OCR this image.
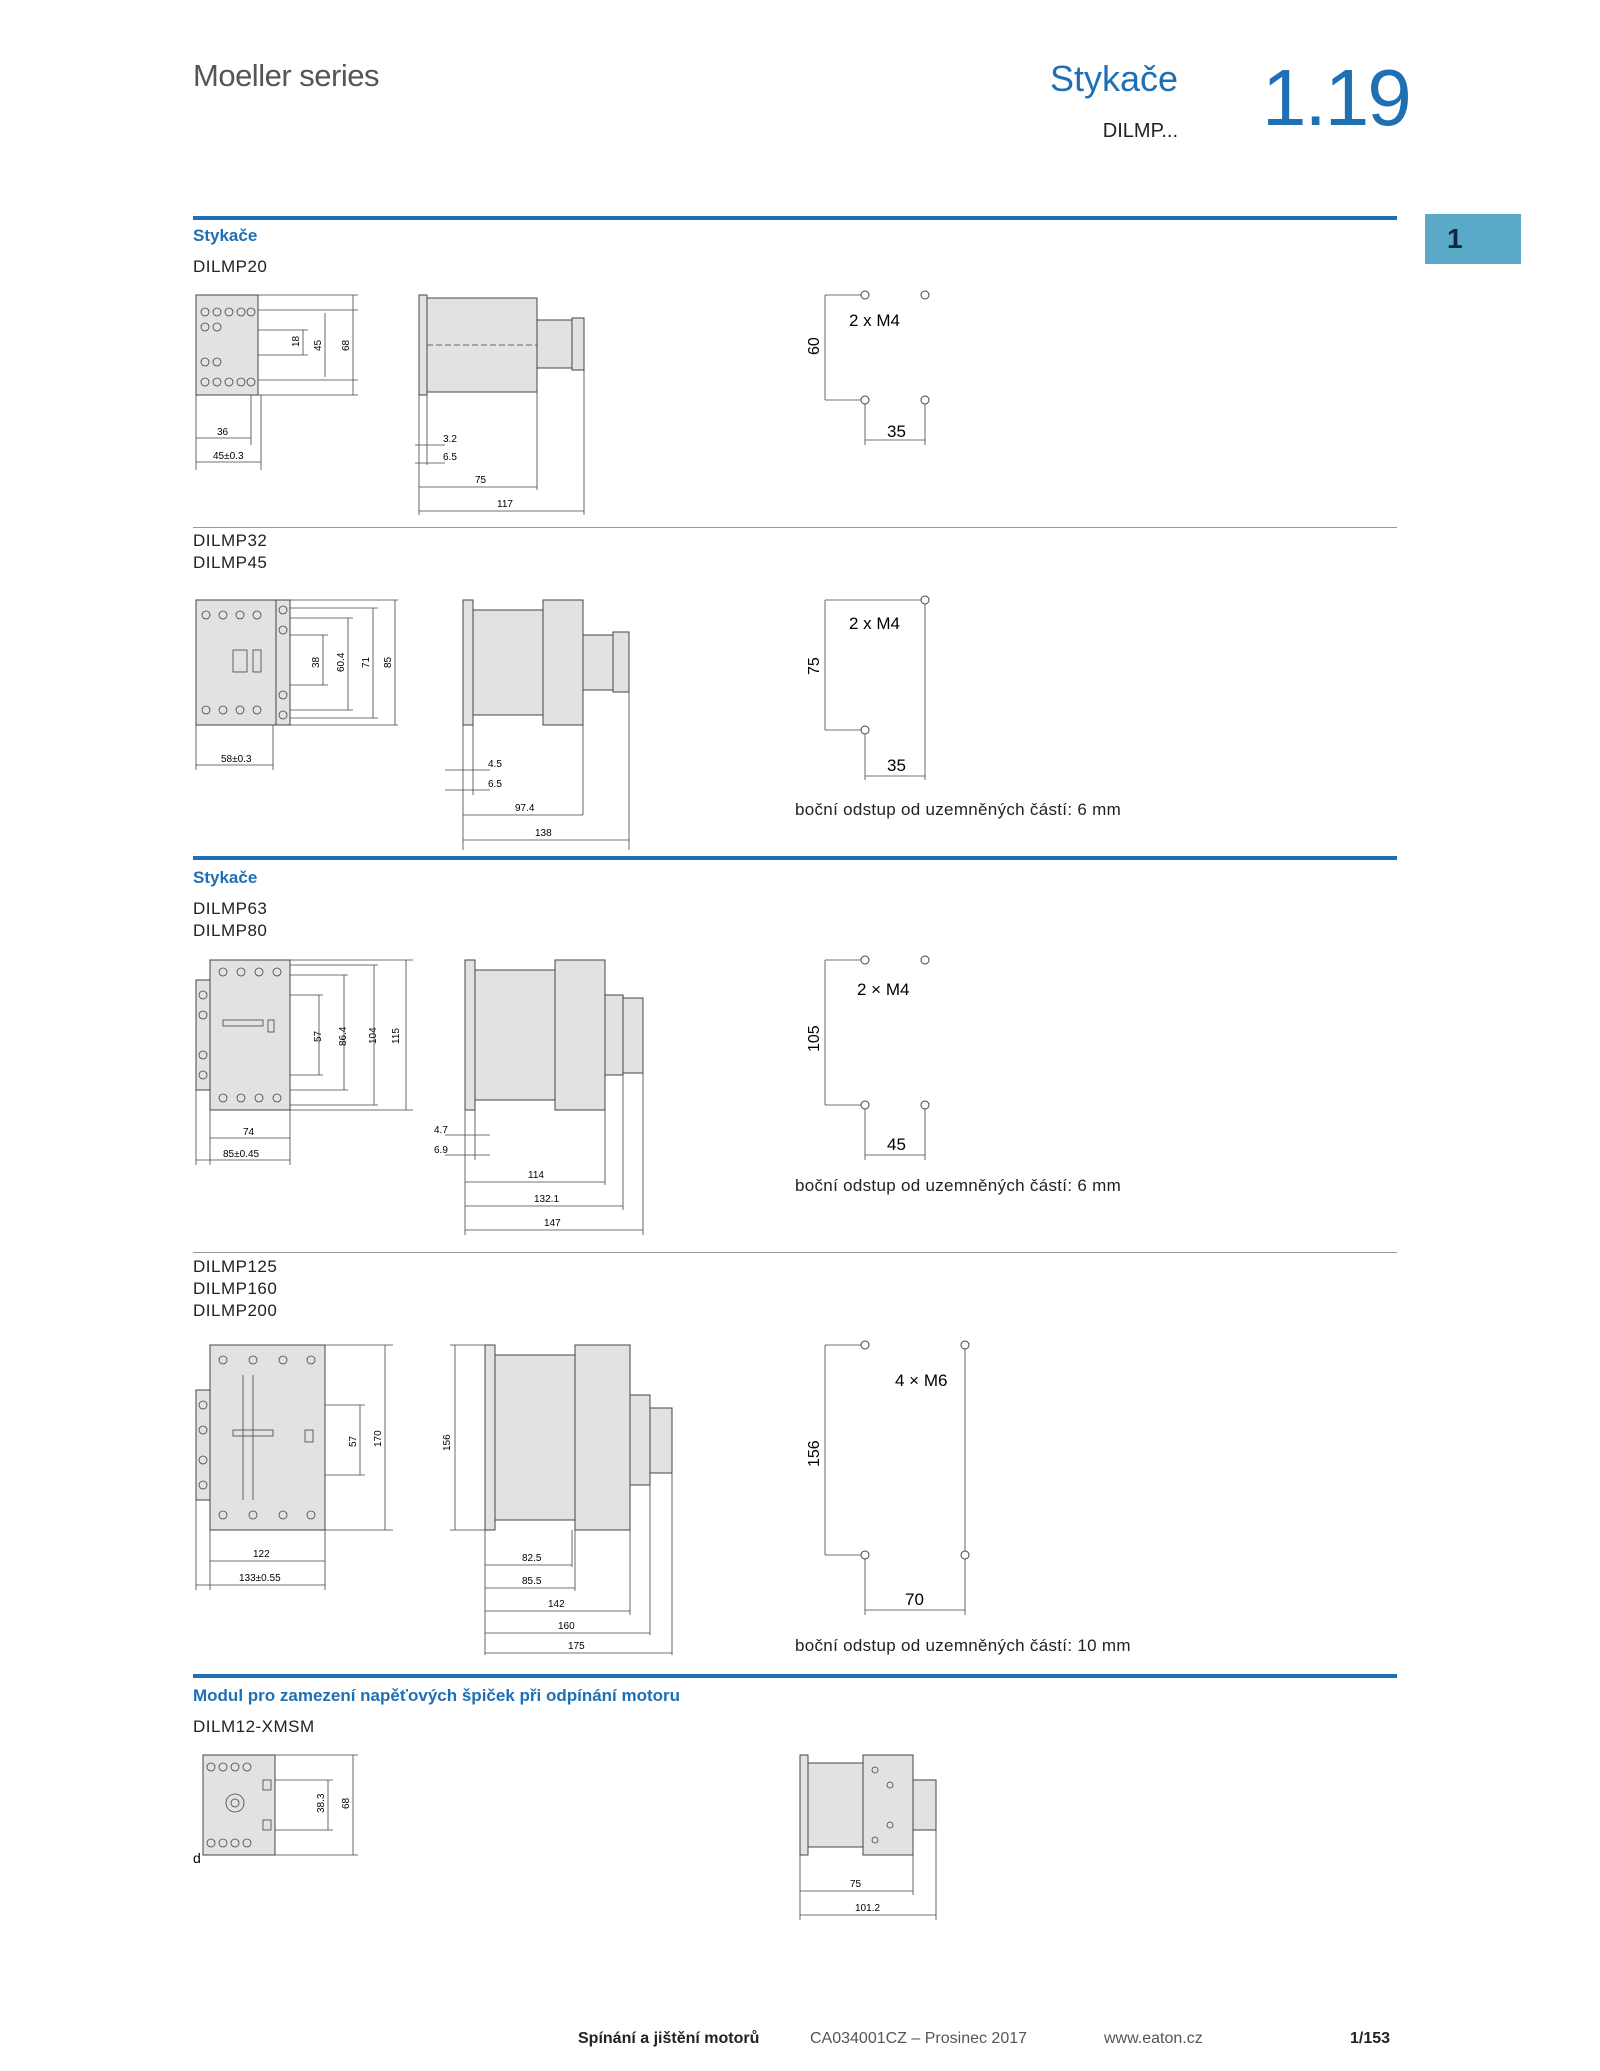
Moeller series	Stykače
DILMP... 1.19
1
Stykače
DILMP20
18 45 68
36
45±0.3
3.2
6.5
75
117
2 x M4
60
35
DILMP32
DILMP45
38 60.4 71 85
58±0.3	4.5
6.5
97.4
138
2 x M4
75
35
boční odstup od uzemněných částí: 6 mm
Stykače
DILMP63
DILMP80
57 86.4 104 115
74
85±0.45
4.7
6.9
114
132.1
147
2 × M4
105
45
boční odstup od uzemněných částí: 6 mm
DILMP125
DILMP160
DILMP200
57 170
122
133±0.55
156
82.5
85.5
142
160
175
4 × M6
156
70
boční odstup od uzemněných částí: 10 mm
Modul pro zamezení napěťových špiček při odpínání motoru
DILM12-XMSM
38.3 68
d
75
101.2
Spínání a jištění motorů	CA034001CZ – Prosinec 2017	www.eaton.cz	1/153
